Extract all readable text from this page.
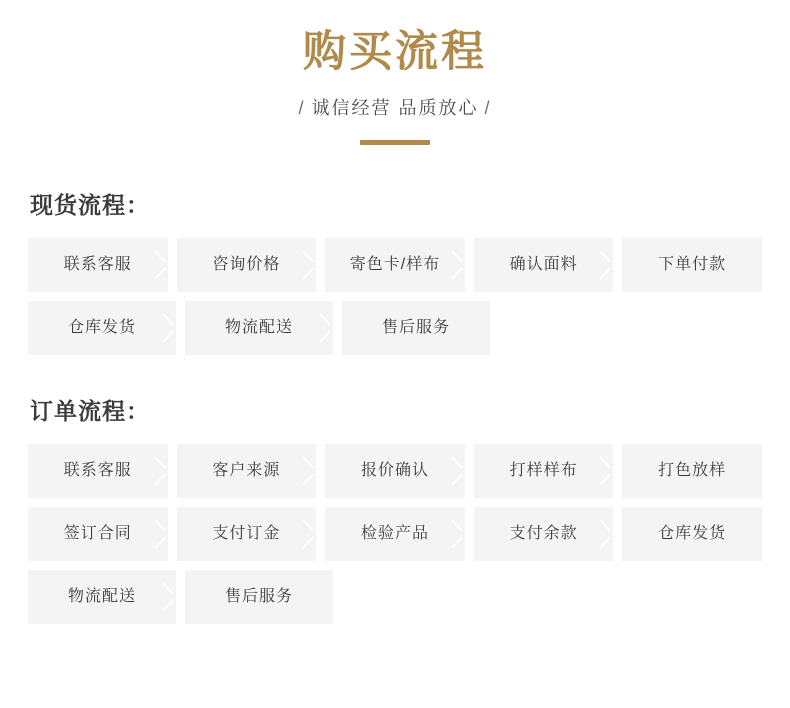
购买流程
/ 诚信经营 品质放心 /
现货流程：
联系客服	咨询价格	寄色卡/样布	确认面料	下单付款
仓库发货	物流配送	售后服务
订单流程：
联系客服	客户来源	报价确认	打样样布	打色放样
签订合同	支付订金	检验产品	支付余款	仓库发货
物流配送	售后服务
